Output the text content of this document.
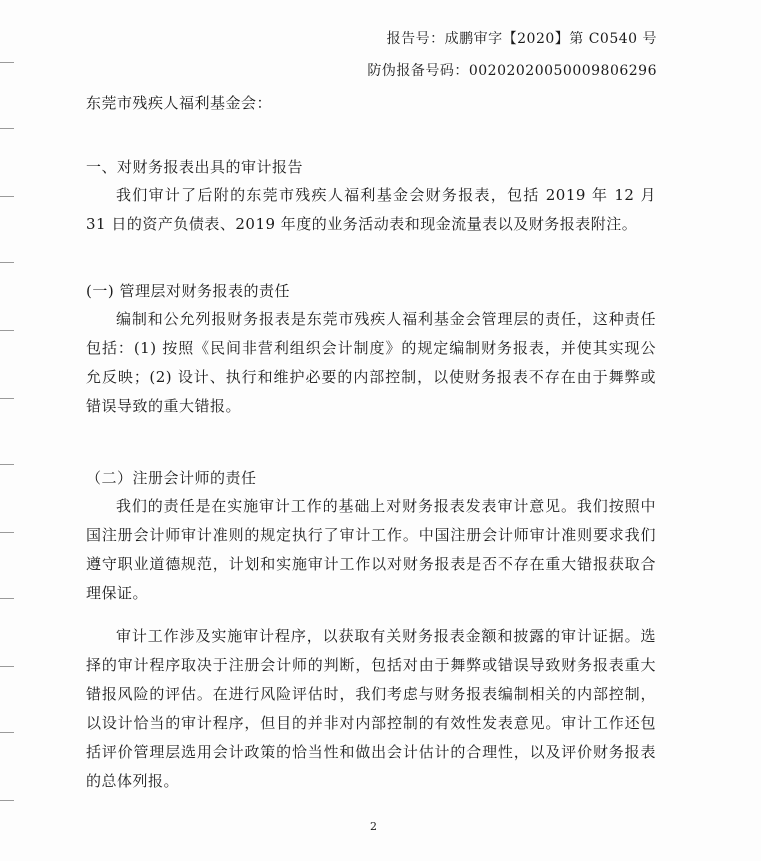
报告号：成鹏审字【2020】第 C0540 号
防伪报备号码：00202020050009806296
东莞市残疾人福利基金会：
一、对财务报表出具的审计报告

我们审计了后附的东莞市残疾人福利基金会财务报表，包括 2019 年 12 月 31 日的资产负债表、2019 年度的业务活动表和现金流量表以及财务报表附注。

(一) 管理层对财务报表的责任

编制和公允列报财务报表是东莞市残疾人福利基金会管理层的责任，这种责任包括：(1) 按照《民间非营利组织会计制度》的规定编制财务报表，并使其实现公允反映；(2) 设计、执行和维护必要的内部控制，以使财务报表不存在由于舞弊或错误导致的重大错报。

（二）注册会计师的责任

我们的责任是在实施审计工作的基础上对财务报表发表审计意见。我们按照中国注册会计师审计准则的规定执行了审计工作。中国注册会计师审计准则要求我们遵守职业道德规范，计划和实施审计工作以对财务报表是否不存在重大错报获取合理保证。

审计工作涉及实施审计程序，以获取有关财务报表金额和披露的审计证据。选择的审计程序取决于注册会计师的判断，包括对由于舞弊或错误导致财务报表重大错报风险的评估。在进行风险评估时，我们考虑与财务报表编制相关的内部控制，以设计恰当的审计程序，但目的并非对内部控制的有效性发表意见。审计工作还包括评价管理层选用会计政策的恰当性和做出会计估计的合理性，以及评价财务报表的总体列报。

2
